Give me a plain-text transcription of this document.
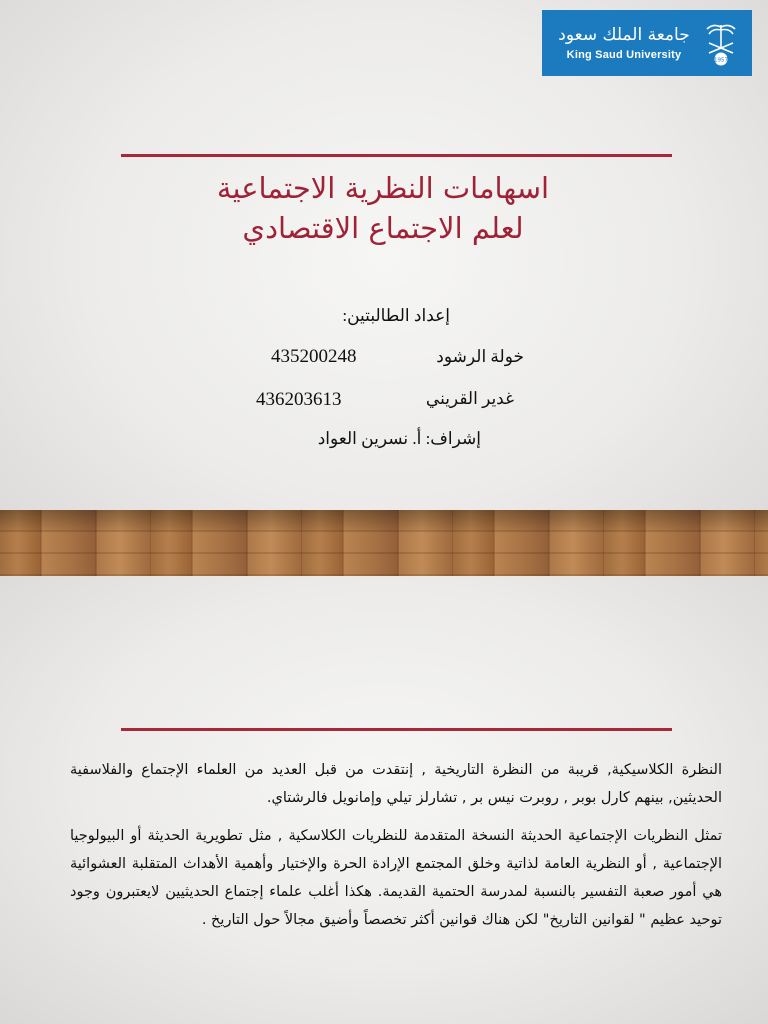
جامعة الملك سعود
King Saud University	1957
اسهامات النظرية الاجتماعية
لعلم الاجتماع الاقتصادي
إعداد الطالبتين:
خولة الرشود
435200248
غدير القريني
436203613
إشراف: أ. نسرين العواد
النظرة الكلاسيكية, قريبة من النظرة التاريخية , إنتقدت من قبل العديد من العلماء الإجتماع والفلاسفية الحديثين, بينهم كارل بوبر , روبرت نيس بر , تشارلز تيلي وإمانويل فالرشتاي.
تمثل النظريات الإجتماعية الحديثة النسخة المتقدمة للنظريات الكلاسكية , مثل تطويرية الحديثة أو البيولوجيا الإجتماعية , أو النظرية العامة لذاتية وخلق المجتمع الإرادة الحرة والإختيار وأهمية الأهداث المتقلبة العشوائية هي أمور صعبة التفسير بالنسبة لمدرسة الحتمية القديمة. هكذا أغلب علماء إجتماع الحديثيين لايعتبرون وجود توحيد عظيم " لقوانين التاريخ" لكن هناك قوانين أكثر تخصصاً وأضيق مجالاً حول التاريخ .
